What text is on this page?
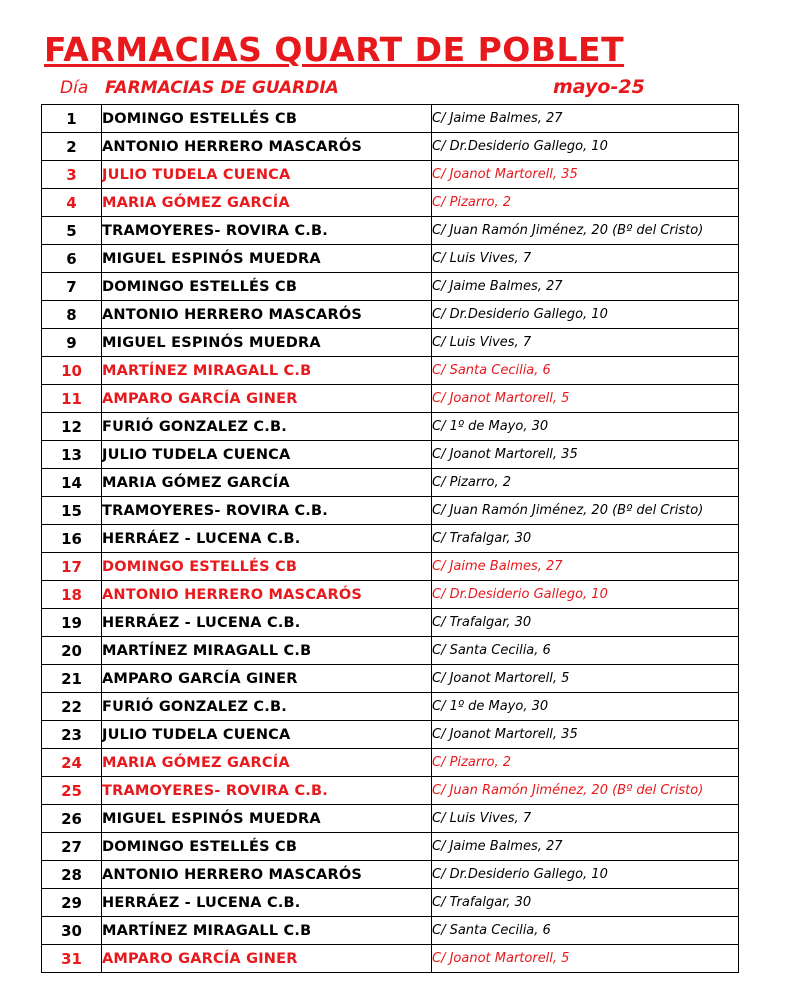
FARMACIAS QUART DE POBLET
Día FARMACIAS DE GUARDIA	mayo-25
1	DOMINGO ESTELLÉS CB	C/ Jaime Balmes, 27
2	ANTONIO HERRERO MASCARÓS	C/ Dr.Desiderio Gallego, 10
3	JULIO TUDELA CUENCA	C/ Joanot Martorell, 35
4	MARIA GÓMEZ GARCÍA	C/ Pizarro, 2
5	TRAMOYERES- ROVIRA C.B.	C/ Juan Ramón Jiménez, 20 (Bº del Cristo)
6	MIGUEL ESPINÓS MUEDRA	C/ Luis Vives, 7
7	DOMINGO ESTELLÉS CB	C/ Jaime Balmes, 27
8	ANTONIO HERRERO MASCARÓS	C/ Dr.Desiderio Gallego, 10
9	MIGUEL ESPINÓS MUEDRA	C/ Luis Vives, 7
10	MARTÍNEZ MIRAGALL C.B	C/ Santa Cecilia, 6
11	AMPARO GARCÍA GINER	C/ Joanot Martorell, 5
12	FURIÓ GONZALEZ C.B.	C/ 1º de Mayo, 30
13	JULIO TUDELA CUENCA	C/ Joanot Martorell, 35
14	MARIA GÓMEZ GARCÍA	C/ Pizarro, 2
15	TRAMOYERES- ROVIRA C.B.	C/ Juan Ramón Jiménez, 20 (Bº del Cristo)
16	HERRÁEZ - LUCENA C.B.	C/ Trafalgar, 30
17	DOMINGO ESTELLÉS CB	C/ Jaime Balmes, 27
18	ANTONIO HERRERO MASCARÓS	C/ Dr.Desiderio Gallego, 10
19	HERRÁEZ - LUCENA C.B.	C/ Trafalgar, 30
20	MARTÍNEZ MIRAGALL C.B	C/ Santa Cecilia, 6
21	AMPARO GARCÍA GINER	C/ Joanot Martorell, 5
22	FURIÓ GONZALEZ C.B.	C/ 1º de Mayo, 30
23	JULIO TUDELA CUENCA	C/ Joanot Martorell, 35
24	MARIA GÓMEZ GARCÍA	C/ Pizarro, 2
25	TRAMOYERES- ROVIRA C.B.	C/ Juan Ramón Jiménez, 20 (Bº del Cristo)
26	MIGUEL ESPINÓS MUEDRA	C/ Luis Vives, 7
27	DOMINGO ESTELLÉS CB	C/ Jaime Balmes, 27
28	ANTONIO HERRERO MASCARÓS	C/ Dr.Desiderio Gallego, 10
29	HERRÁEZ - LUCENA C.B.	C/ Trafalgar, 30
30	MARTÍNEZ MIRAGALL C.B	C/ Santa Cecilia, 6
31	AMPARO GARCÍA GINER	C/ Joanot Martorell, 5
